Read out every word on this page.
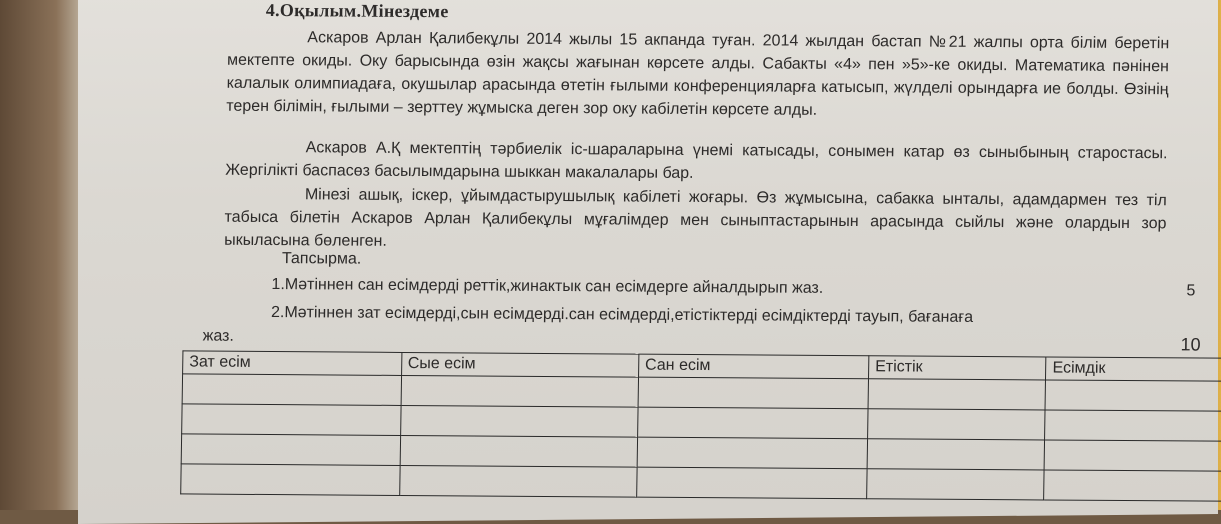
4.Оқылым.Мінездеме

Аскаров Арлан Қалибекұлы 2014 жылы 15 акпанда туған. 2014 жылдан бастап №21 жалпы орта білім беретін мектепте окиды. Оку барысында өзін жақсы жағынан көрсете алды. Сабакты «4» пен »5»-ке окиды. Математика пәнінен калалык олимпиадаға, окушылар арасында өтетін ғылыми конференцияларға катысып, жүлделі орындарға ие болды. Өзінің терен білімін, ғылыми – зерттеу жұмыска деген зор оку кабілетін көрсете алды.

Аскаров А.Қ мектептің тәрбиелік іс-шараларына үнемі катысады, сонымен катар өз сыныбының старостасы. Жергілікті баспасөз басылымдарына шыккан макалалары бар.

Мінезі ашық, іскер, ұйымдастырушылық кабілеті жоғары. Өз жұмысына, сабакка ынталы, адамдармен тез тіл табыса білетін Аскаров Арлан Қалибекұлы мұғалімдер мен сыныптастарынын арасында сыйлы және олардын зор ыкыласына бөленген.

Тапсырма.
1.Мәтіннен сан есімдерді реттік,жинактык сан есімдерге айналдырып жаз.	5
2.Мәтіннен зат есімдерді,сын есімдерді.сан есімдерді,етістіктерді есімдіктерді тауып, бағанаға
жаз.	10
Зат есім	Сые есім	Сан есім	Етістік	Есімдік
